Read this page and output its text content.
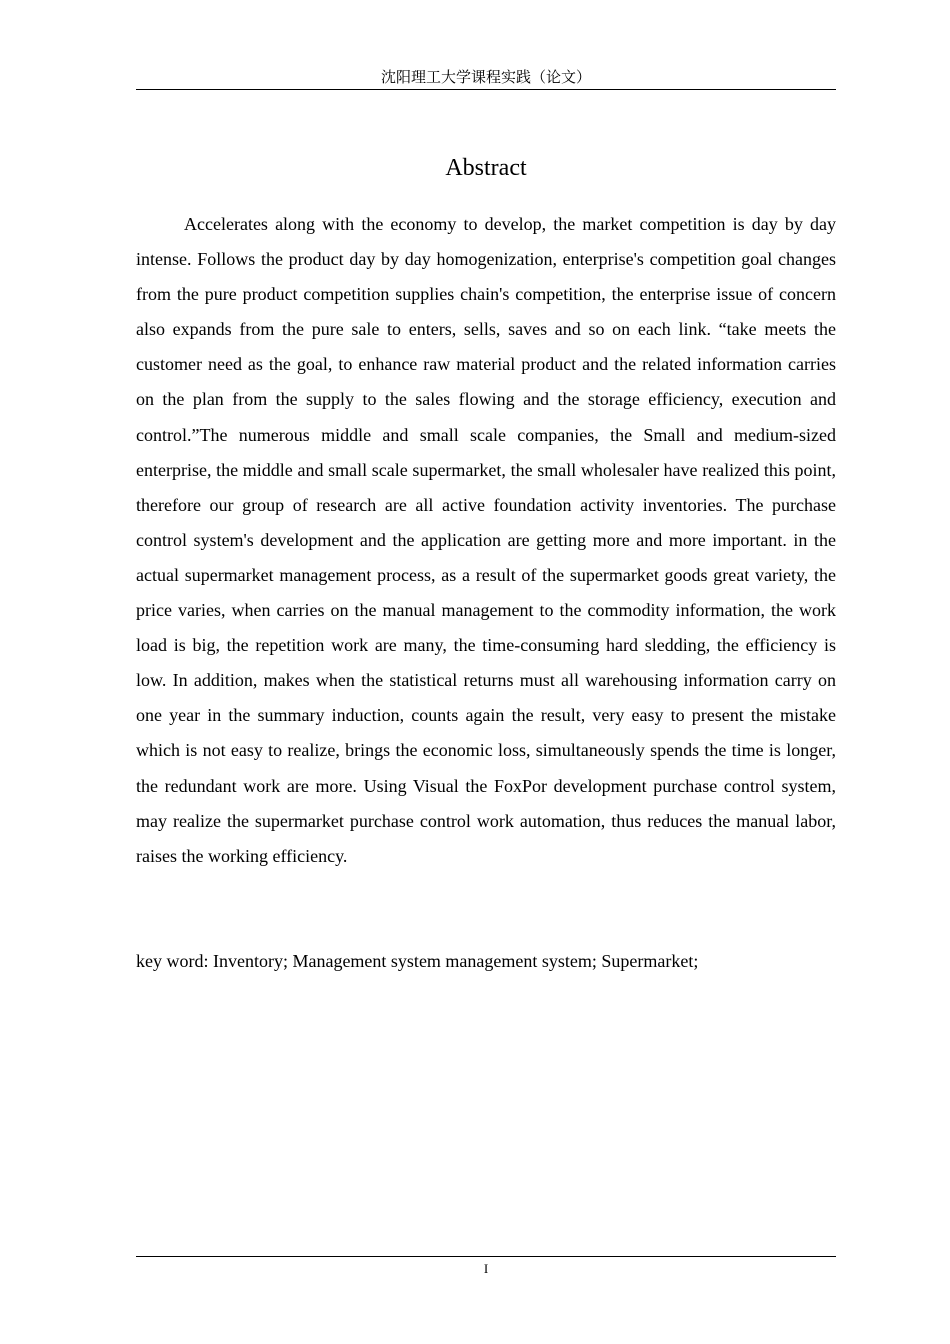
沈阳理工大学课程实践（论文）
Abstract

Accelerates along with the economy to develop, the market competition is day by day intense. Follows the product day by day homogenization, enterprise's competition goal changes from the pure product competition supplies chain's competition, the enterprise issue of concern also expands from the pure sale to enters, sells, saves and so on each link. “take meets the customer need as the goal, to enhance raw material product and the related information carries on the plan from the supply to the sales flowing and the storage efficiency, execution and control.”The numerous middle and small scale companies, the Small and medium-sized enterprise, the middle and small scale supermarket, the small wholesaler have realized this point, therefore our group of research are all active foundation activity inventories. The purchase control system's development and the application are getting more and more important. in the actual supermarket management process, as a result of the supermarket goods great variety, the price varies, when carries on the manual management to the commodity information, the work load is big, the repetition work are many, the time-consuming hard sledding, the efficiency is low. In addition, makes when the statistical returns must all warehousing information carry on one year in the summary induction, counts again the result, very easy to present the mistake which is not easy to realize, brings the economic loss, simultaneously spends the time is longer, the redundant work are more. Using Visual the FoxPor development purchase control system, may realize the supermarket purchase control work automation, thus reduces the manual labor, raises the working efficiency.

key word: Inventory; Management system management system; Supermarket;

I
